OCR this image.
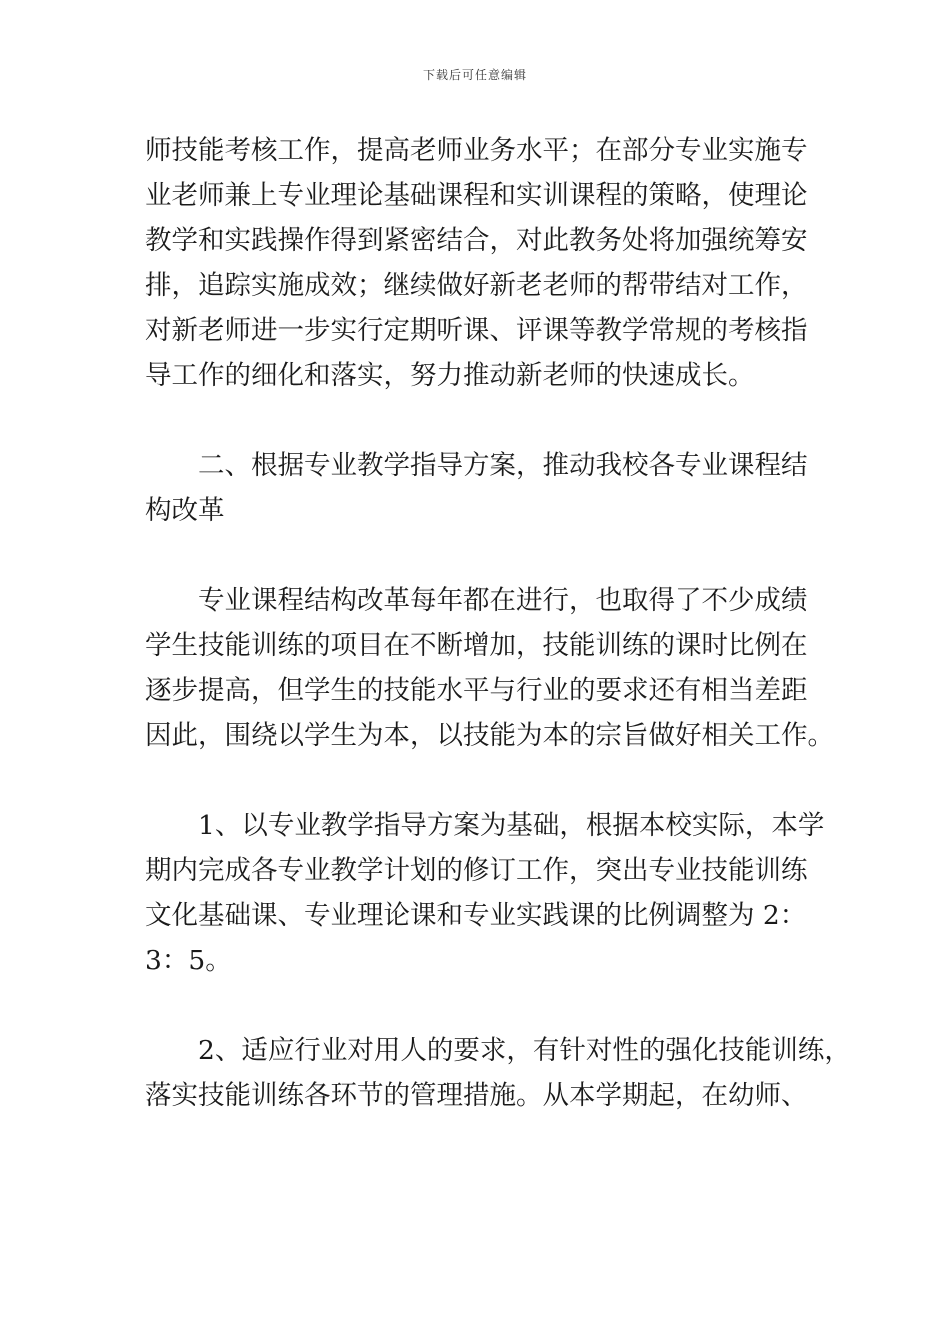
下载后可任意编辑
师技能考核工作，提高老师业务水平；在部分专业实施专
业老师兼上专业理论基础课程和实训课程的策略，使理论
教学和实践操作得到紧密结合，对此教务处将加强统筹安
排，追踪实施成效；继续做好新老老师的帮带结对工作，
对新老师进一步实行定期听课、评课等教学常规的考核指
导工作的细化和落实，努力推动新老师的快速成长。
二、根据专业教学指导方案，推动我校各专业课程结
构改革
专业课程结构改革每年都在进行，也取得了不少成绩
学生技能训练的项目在不断增加，技能训练的课时比例在
逐步提高，但学生的技能水平与行业的要求还有相当差距
因此，围绕以学生为本，以技能为本的宗旨做好相关工作。
1、以专业教学指导方案为基础，根据本校实际，本学
期内完成各专业教学计划的修订工作，突出专业技能训练
文化基础课、专业理论课和专业实践课的比例调整为 2：
3：5。
2、适应行业对用人的要求，有针对性的强化技能训练，
落实技能训练各环节的管理措施。从本学期起，在幼师、
